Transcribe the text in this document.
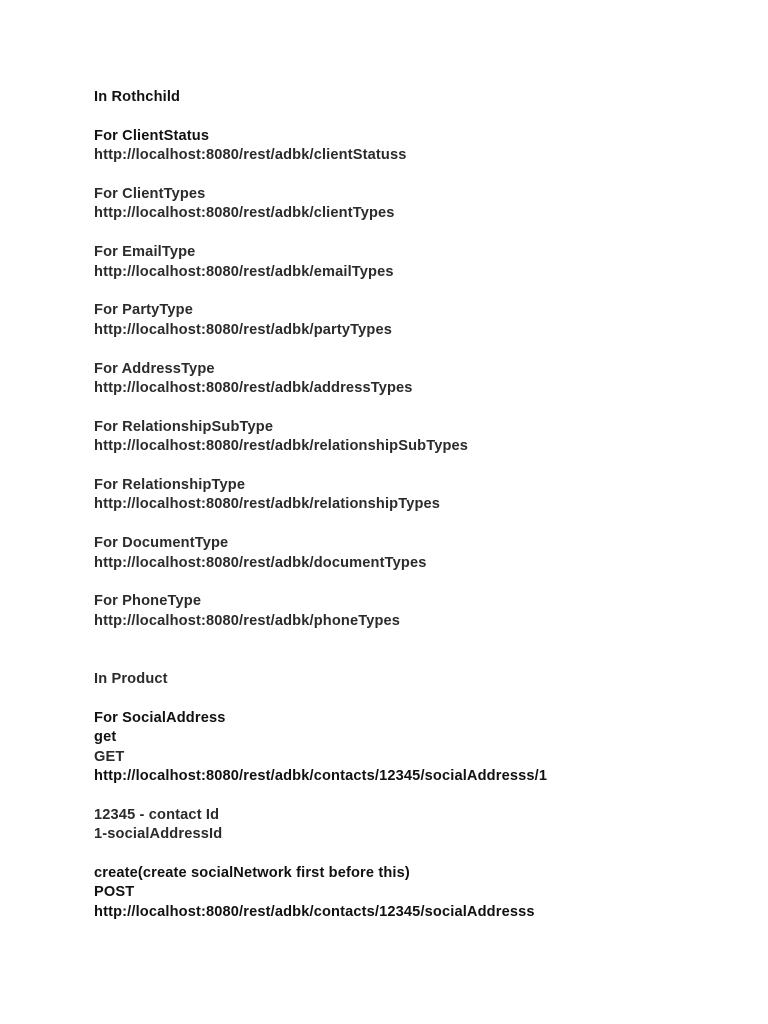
In Rothchild
For ClientStatus
http://localhost:8080/rest/adbk/clientStatuss
For ClientTypes
http://localhost:8080/rest/adbk/clientTypes
For EmailType
http://localhost:8080/rest/adbk/emailTypes
For PartyType
http://localhost:8080/rest/adbk/partyTypes
For AddressType
http://localhost:8080/rest/adbk/addressTypes
For RelationshipSubType
http://localhost:8080/rest/adbk/relationshipSubTypes
For RelationshipType
http://localhost:8080/rest/adbk/relationshipTypes
For DocumentType
http://localhost:8080/rest/adbk/documentTypes
For PhoneType
http://localhost:8080/rest/adbk/phoneTypes
In Product
For SocialAddress
get
GET
http://localhost:8080/rest/adbk/contacts/12345/socialAddresss/1
12345 - contact Id
1-socialAddressId
create(create socialNetwork first before this)
POST
http://localhost:8080/rest/adbk/contacts/12345/socialAddresss
